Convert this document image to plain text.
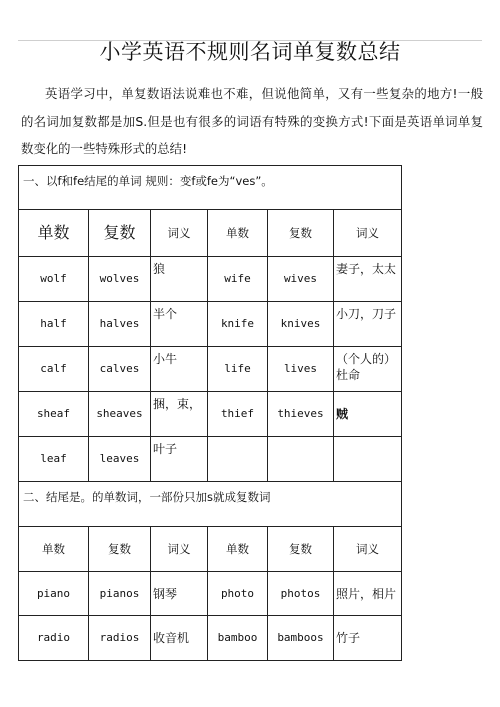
小学英语不规则名词单复数总结

英语学习中，单复数语法说难也不难，但说他简单，又有一些复杂的地方!一般的名词加复数都是加S.但是也有很多的词语有特殊的变换方式!下面是英语单词单复数变化的一些特殊形式的总结!

一、以f和fe结尾的单词 规则：变f或fe为“ves”。					
单数	复数	词义	单数	复数	词义
wolf	wolves	狼	wife	wives	妻子，太太
half	halves	半个	knife	knives	小刀，刀子
calf	calves	小牛	life	lives	（个人的）杜命
sheaf	sheaves	捆，束，	thief	thieves	贼
leaf	leaves	叶子			
二、结尾是。的单数词，一部份只加s就成复数词					
单数	复数	词义	单数	复数	词义
piano	pianos	钢琴	photo	photos	照片，相片
radio	radios	收音机	bamboo	bamboos	竹子
